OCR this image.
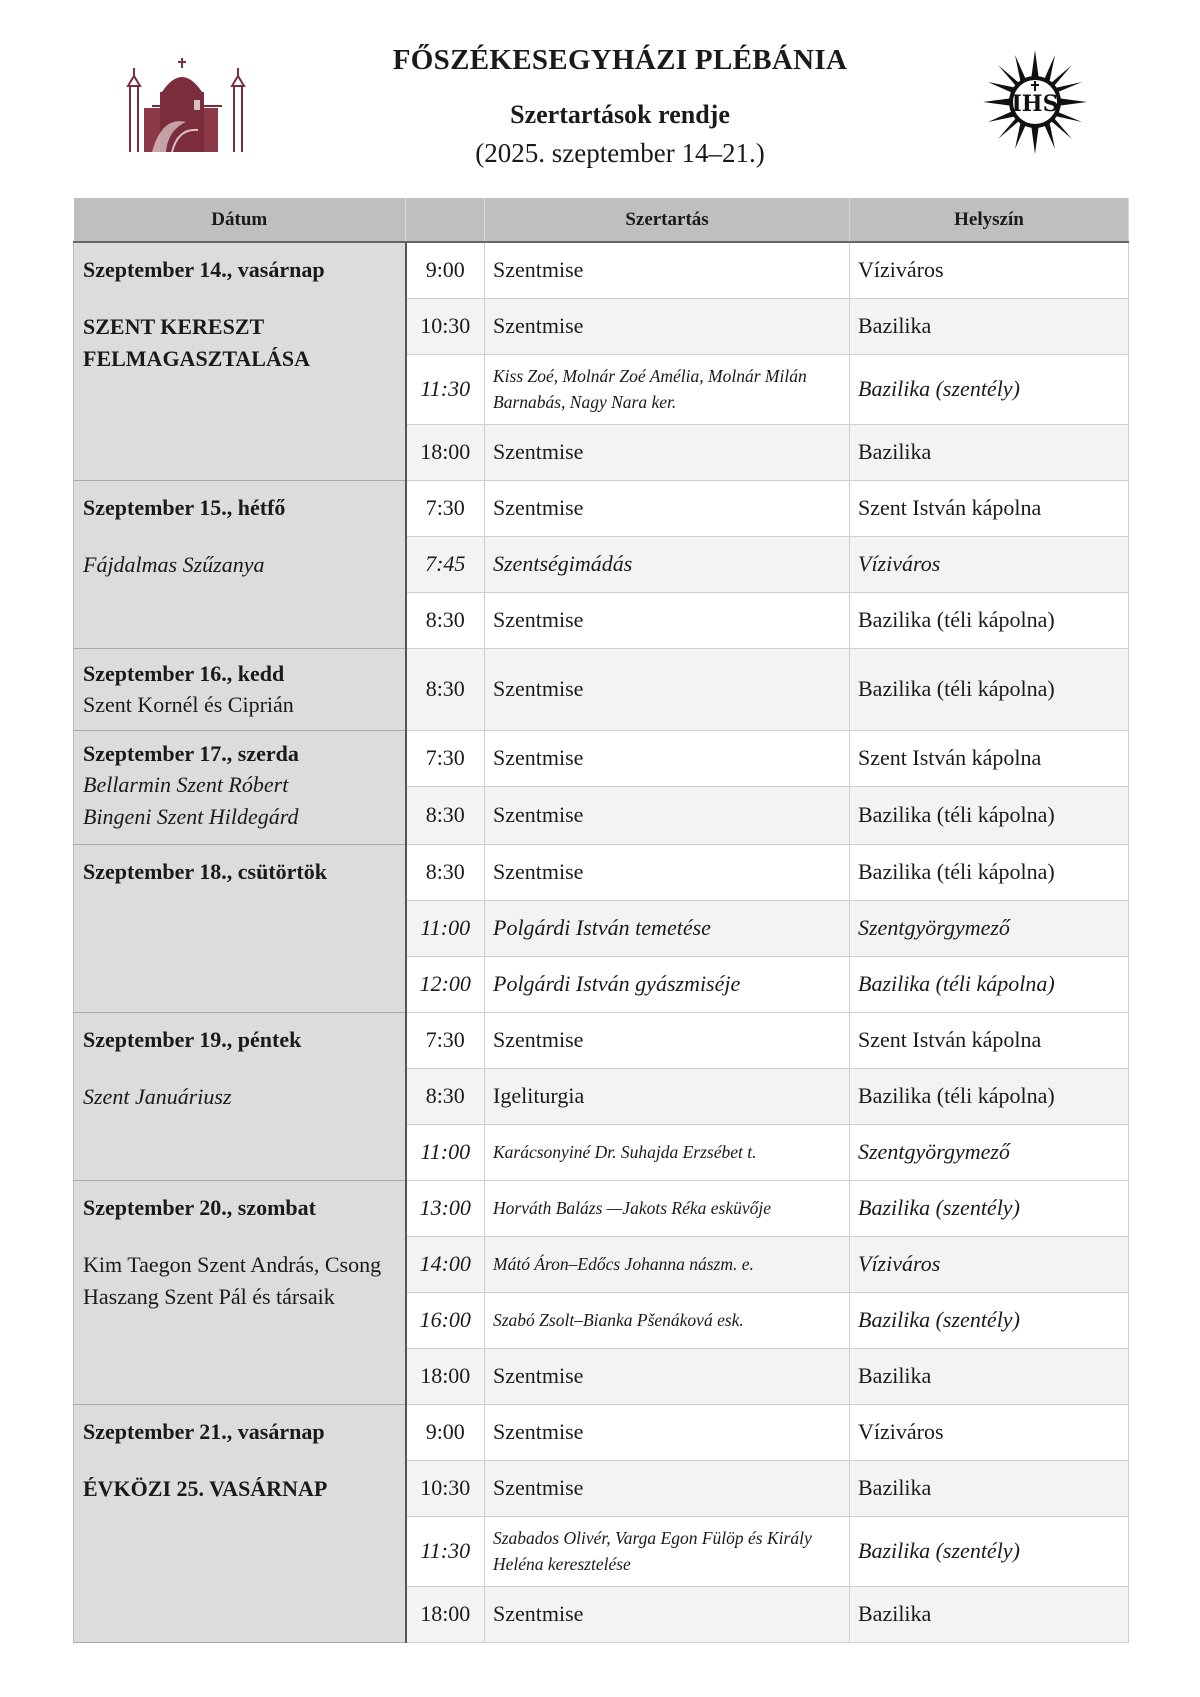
IHS
FŐSZÉKESEGYHÁZI PLÉBÁNIA
Szertartások rendje
(2025. szeptember 14–21.)
Dátum		Szertartás	Helyszín

Szeptember 14., vasárnap
SZENT KERESZT FELMAGASZTALÁSA	9:00	Szentmise	Víziváros
	10:30	Szentmise	Bazilika
	11:30	Kiss Zoé, Molnár Zoé Amélia, Molnár Milán Barnabás, Nagy Nara ker.	Bazilika (szentély)
	18:00	Szentmise	Bazilika

Szeptember 15., hétfő
Fájdalmas Szűzanya	7:30	Szentmise	Szent István kápolna
	7:45	Szentségimádás	Víziváros
	8:30	Szentmise	Bazilika (téli kápolna)

Szeptember 16., kedd
Szent Kornél és Ciprián	8:30	Szentmise	Bazilika (téli kápolna)

Szeptember 17., szerda
Bellarmin Szent Róbert
Bingeni Szent Hildegárd	7:30	Szentmise	Szent István kápolna
	8:30	Szentmise	Bazilika (téli kápolna)

Szeptember 18., csütörtök	8:30	Szentmise	Bazilika (téli kápolna)
	11:00	Polgárdi István temetése	Szentgyörgymező
	12:00	Polgárdi István gyászmiséje	Bazilika (téli kápolna)

Szeptember 19., péntek
Szent Januáriusz	7:30	Szentmise	Szent István kápolna
	8:30	Igeliturgia	Bazilika (téli kápolna)
	11:00	Karácsonyiné Dr. Suhajda Erzsébet t.	Szentgyörgymező

Szeptember 20., szombat
Kim Taegon Szent András, Csong Haszang Szent Pál és társaik	13:00	Horváth Balázs —Jakots Réka esküvője	Bazilika (szentély)
	14:00	Mátó Áron–Edőcs Johanna nászm. e.	Víziváros
	16:00	Szabó Zsolt–Bianka Pšenáková esk.	Bazilika (szentély)
	18:00	Szentmise	Bazilika

Szeptember 21., vasárnap
ÉVKÖZI 25. VASÁRNAP	9:00	Szentmise	Víziváros
	10:30	Szentmise	Bazilika
	11:30	Szabados Olivér, Varga Egon Fülöp és Király Heléna keresztelése	Bazilika (szentély)
	18:00	Szentmise	Bazilika
